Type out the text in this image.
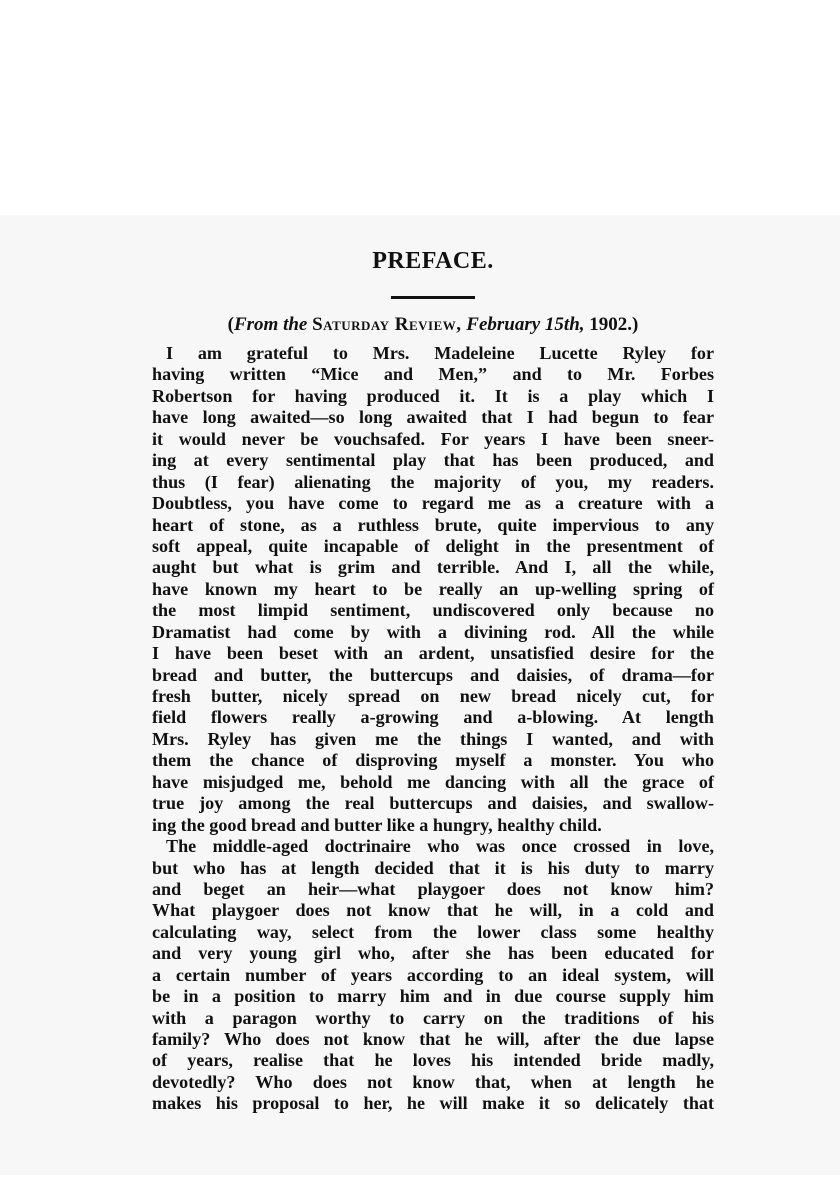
PREFACE.

(From the Saturday Review, February 15th, 1902.)

I am grateful to Mrs. Madeleine Lucette Ryley for
having written “Mice and Men,” and to Mr. Forbes
Robertson for having produced it. It is a play which I
have long awaited—so long awaited that I had begun to fear
it would never be vouchsafed. For years I have been sneer-
ing at every sentimental play that has been produced, and
thus (I fear) alienating the majority of you, my readers.
Doubtless, you have come to regard me as a creature with a
heart of stone, as a ruthless brute, quite impervious to any
soft appeal, quite incapable of delight in the presentment of
aught but what is grim and terrible. And I, all the while,
have known my heart to be really an up-welling spring of
the most limpid sentiment, undiscovered only because no
Dramatist had come by with a divining rod. All the while
I have been beset with an ardent, unsatisfied desire for the
bread and butter, the buttercups and daisies, of drama—for
fresh butter, nicely spread on new bread nicely cut, for
field flowers really a-growing and a-blowing. At length
Mrs. Ryley has given me the things I wanted, and with
them the chance of disproving myself a monster. You who
have misjudged me, behold me dancing with all the grace of
true joy among the real buttercups and daisies, and swallow-
ing the good bread and butter like a hungry, healthy child.

The middle-aged doctrinaire who was once crossed in love,
but who has at length decided that it is his duty to marry
and beget an heir—what playgoer does not know him?
What playgoer does not know that he will, in a cold and
calculating way, select from the lower class some healthy
and very young girl who, after she has been educated for
a certain number of years according to an ideal system, will
be in a position to marry him and in due course supply him
with a paragon worthy to carry on the traditions of his
family? Who does not know that he will, after the due lapse
of years, realise that he loves his intended bride madly,
devotedly? Who does not know that, when at length he
makes his proposal to her, he will make it so delicately that
